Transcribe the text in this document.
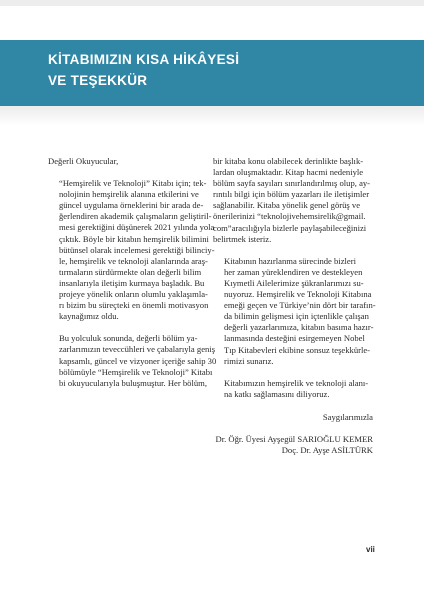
KİTABIMIZIN KISA HİKÂYESİ
VE TEŞEKKÜR

Değerli Okuyucular,

“Hemşirelik ve Teknoloji” Kitabı için; tek-
nolojinin hemşirelik alanına etkilerini ve
güncel uygulama örneklerini bir arada de-
ğerlendiren akademik çalışmaların geliştiril-
mesi gerektiğini düşünerek 2021 yılında yola
çıktık. Böyle bir kitabın hemşirelik bilimini
bütünsel olarak incelemesi gerektiği bilinciy-
le, hemşirelik ve teknoloji alanlarında araş-
tırmaların sürdürmekte olan değerli bilim
insanlarıyla iletişim kurmaya başladık. Bu
projeye yönelik onların olumlu yaklaşımla-
rı bizim bu süreçteki en önemli motivasyon
kaynağımız oldu.

Bu yolculuk sonunda, değerli bölüm ya-
zarlarımızın teveccühleri ve çabalarıyla geniş
kapsamlı, güncel ve vizyoner içeriğe sahip 30
bölümüyle “Hemşirelik ve Teknoloji” Kitabı
bi okuyucularıyla buluşmuştur. Her bölüm,

bir kitaba konu olabilecek derinlikte başlık-
lardan oluşmaktadır. Kitap hacmi nedeniyle
bölüm sayfa sayıları sınırlandırılmış olup, ay-
rıntılı bilgi için bölüm yazarları ile iletişimler
sağlanabilir. Kitaba yönelik genel görüş ve
önerilerinizi “teknolojivehemsirelik@gmail.
com”aracılığıyla bizlerle paylaşabileceğinizi
belirtmek isteriz.

Kitabının hazırlanma sürecinde bizleri
her zaman yüreklendiren ve destekleyen
Kıymetli Ailelerimize şükranlarımızı su-
nuyoruz. Hemşirelik ve Teknoloji Kitabına
emeği geçen ve Türkiye’nin dört bir tarafın-
da bilimin gelişmesi için içtenlikle çalışan
değerli yazarlarımıza, kitabın basıma hazır-
lanmasında desteğini esirgemeyen Nobel
Tıp Kitabevleri ekibine sonsuz teşekkürle-
rimizi sunarız.

Kitabımızın hemşirelik ve teknoloji alanı-
na katkı sağlamasını diliyoruz.

Saygılarımızla

Dr. Öğr. Üyesi Ayşegül SARIOĞLU KEMER
Doç. Dr. Ayşe ASİLTÜRK

vii
